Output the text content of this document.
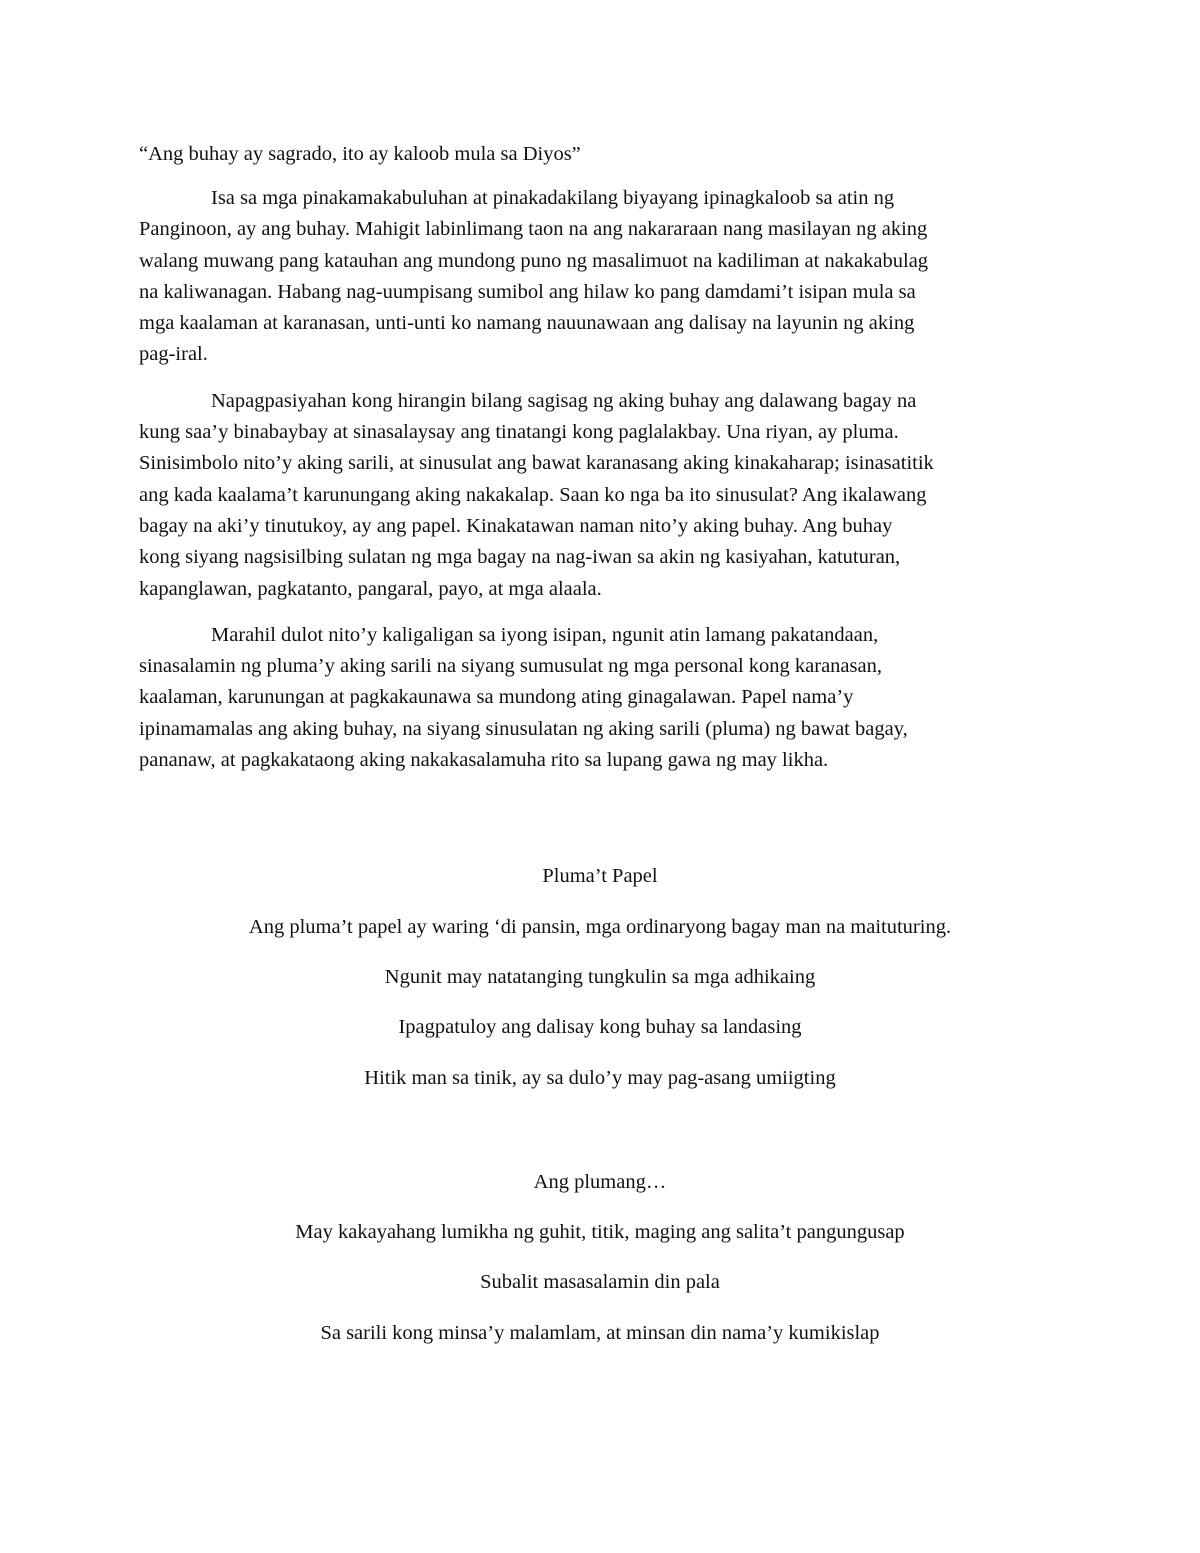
“Ang buhay ay sagrado, ito ay kaloob mula sa Diyos”
Isa sa mga pinakamakabuluhan at pinakadakilang biyayang ipinagkaloob sa atin ng
Panginoon, ay ang buhay. Mahigit labinlimang taon na ang nakararaan nang masilayan ng aking
walang muwang pang katauhan ang mundong puno ng masalimuot na kadiliman at nakakabulag
na kaliwanagan. Habang nag-uumpisang sumibol ang hilaw ko pang damdami’t isipan mula sa
mga kaalaman at karanasan, unti-unti ko namang nauunawaan ang dalisay na layunin ng aking
pag-iral.
Napagpasiyahan kong hirangin bilang sagisag ng aking buhay ang dalawang bagay na
kung saa’y binabaybay at sinasalaysay ang tinatangi kong paglalakbay. Una riyan, ay pluma.
Sinisimbolo nito’y aking sarili, at sinusulat ang bawat karanasang aking kinakaharap; isinasatitik
ang kada kaalama’t karunungang aking nakakalap. Saan ko nga ba ito sinusulat? Ang ikalawang
bagay na aki’y tinutukoy, ay ang papel. Kinakatawan naman nito’y aking buhay. Ang buhay
kong siyang nagsisilbing sulatan ng mga bagay na nag-iwan sa akin ng kasiyahan, katuturan,
kapanglawan, pagkatanto, pangaral, payo, at mga alaala.
Marahil dulot nito’y kaligaligan sa iyong isipan, ngunit atin lamang pakatandaan,
sinasalamin ng pluma’y aking sarili na siyang sumusulat ng mga personal kong karanasan,
kaalaman, karunungan at pagkakaunawa sa mundong ating ginagalawan. Papel nama’y
ipinamamalas ang aking buhay, na siyang sinusulatan ng aking sarili (pluma) ng bawat bagay,
pananaw, at pagkakataong aking nakakasalamuha rito sa lupang gawa ng may likha.
Pluma’t Papel
Ang pluma’t papel ay waring ‘di pansin, mga ordinaryong bagay man na maituturing.
Ngunit may natatanging tungkulin sa mga adhikaing
Ipagpatuloy ang dalisay kong buhay sa landasing
Hitik man sa tinik, ay sa dulo’y may pag-asang umiigting
Ang plumang…
May kakayahang lumikha ng guhit, titik, maging ang salita’t pangungusap
Subalit masasalamin din pala
Sa sarili kong minsa’y malamlam, at minsan din nama’y kumikislap
